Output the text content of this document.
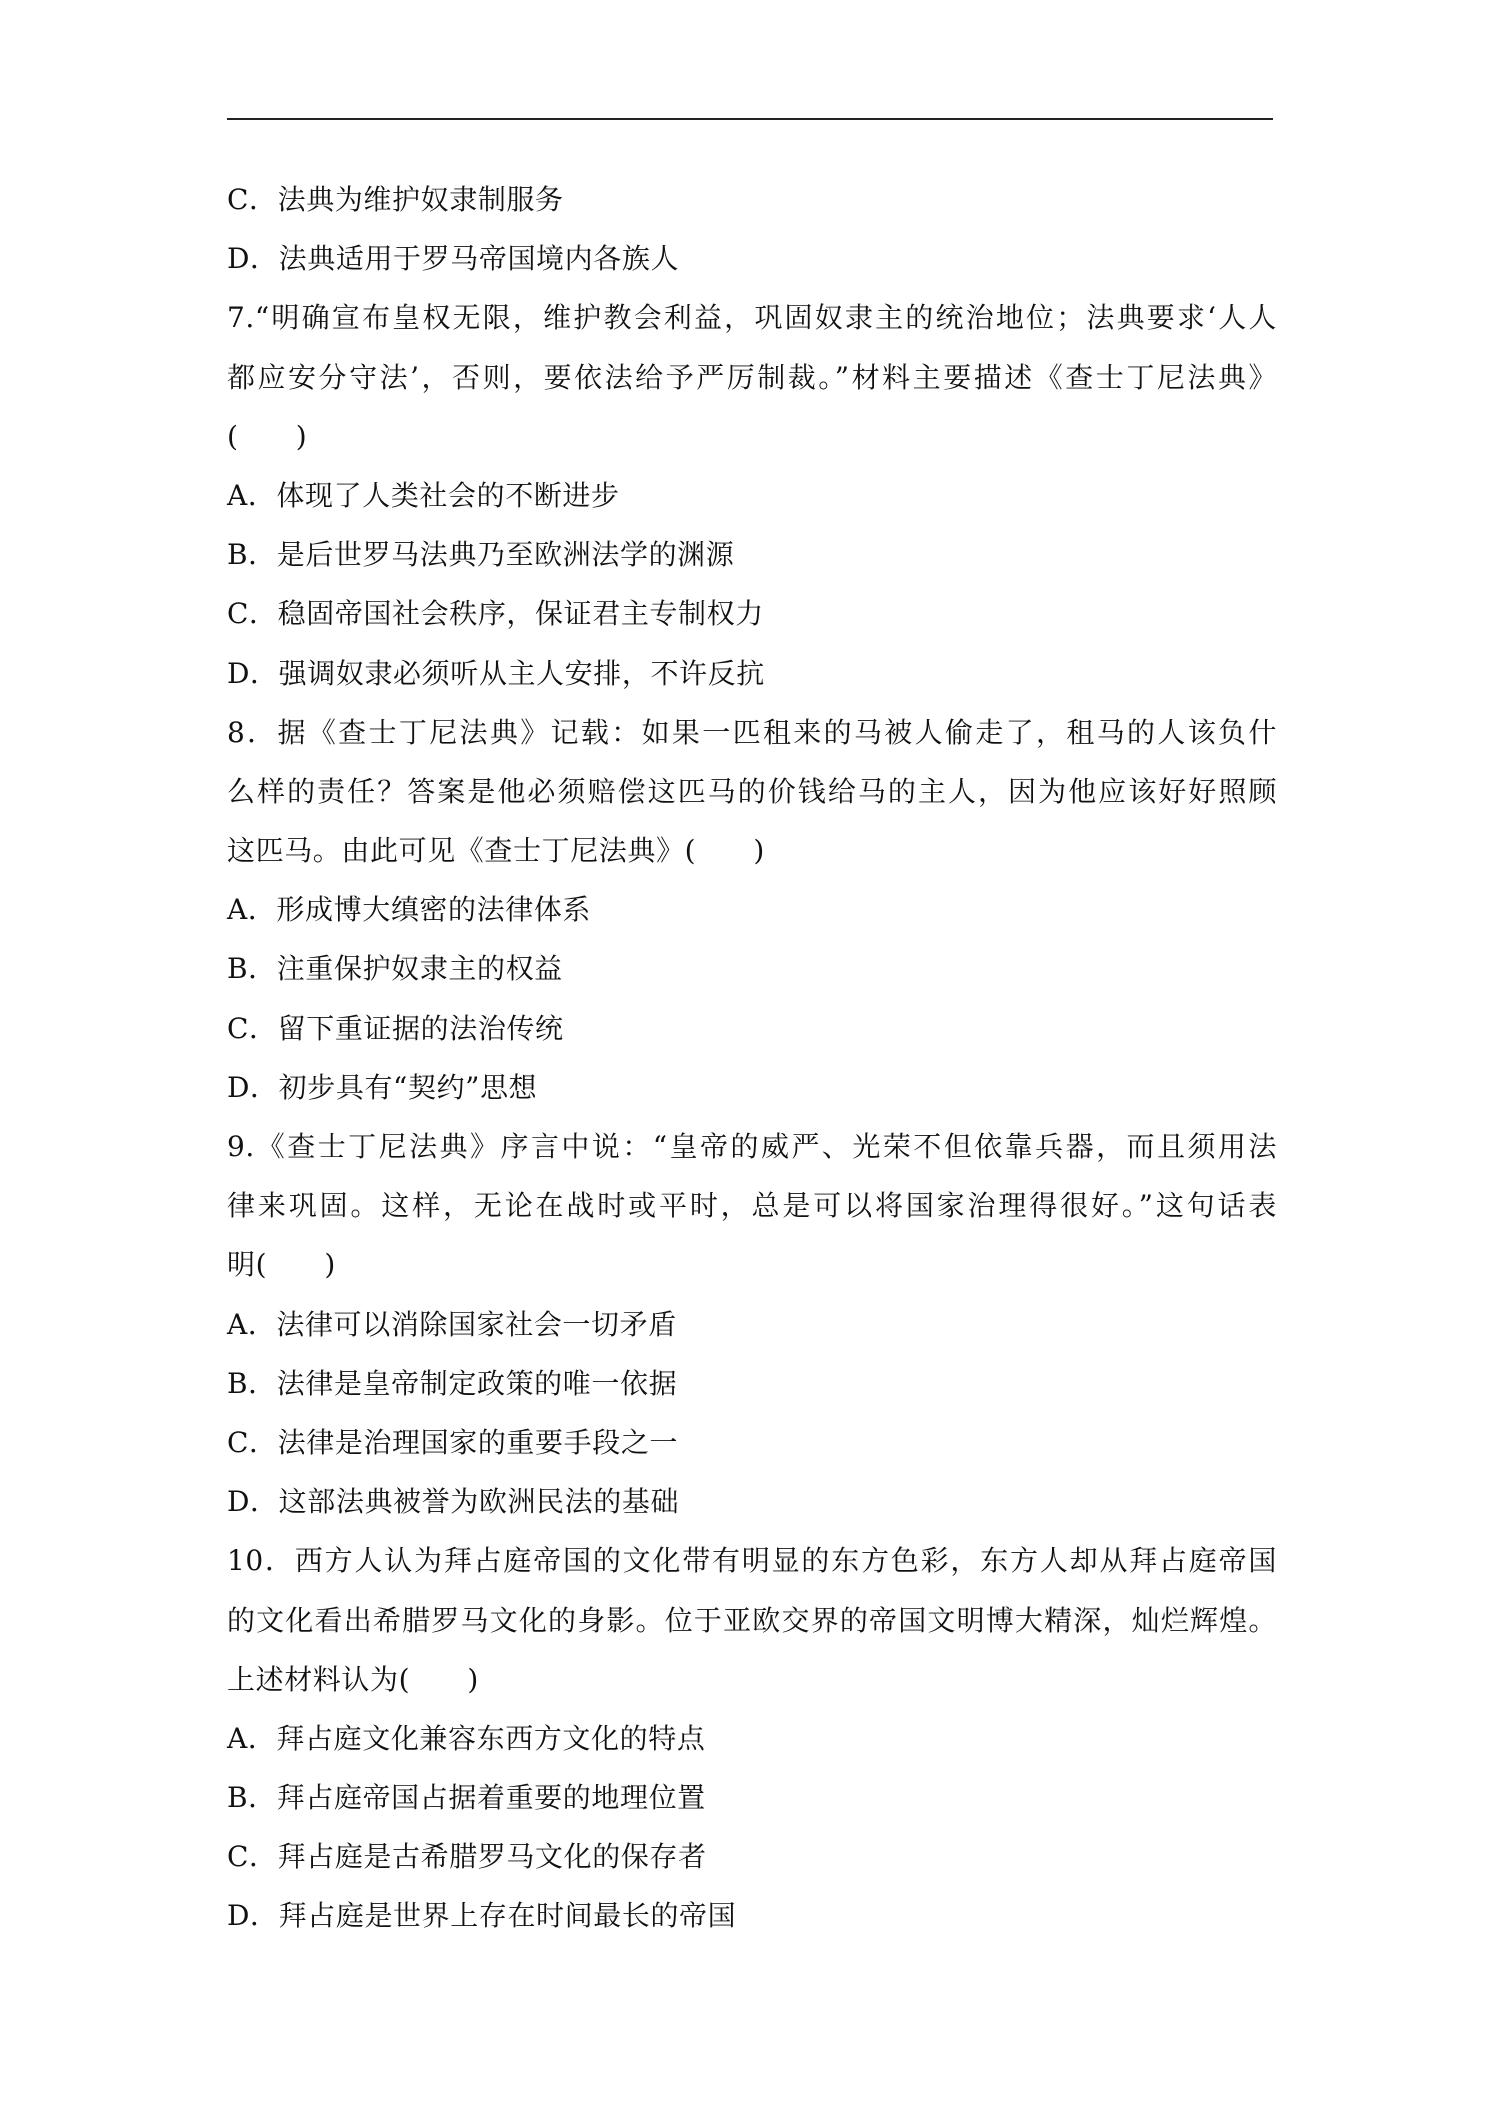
C．法典为维护奴隶制服务
D．法典适用于罗马帝国境内各族人
7.“明确宣布皇权无限，维护教会利益，巩固奴隶主的统治地位；法典要求‘人人
都应安分守法’，否则，要依法给予严厉制裁。”材料主要描述《查士丁尼法典》
(　　)
A．体现了人类社会的不断进步
B．是后世罗马法典乃至欧洲法学的渊源
C．稳固帝国社会秩序，保证君主专制权力
D．强调奴隶必须听从主人安排，不许反抗
8．据《查士丁尼法典》记载：如果一匹租来的马被人偷走了，租马的人该负什
么样的责任？答案是他必须赔偿这匹马的价钱给马的主人，因为他应该好好照顾
这匹马。由此可见《查士丁尼法典》(　　)
A．形成博大缜密的法律体系
B．注重保护奴隶主的权益
C．留下重证据的法治传统
D．初步具有“契约”思想
9.《查士丁尼法典》序言中说：“皇帝的威严、光荣不但依靠兵器，而且须用法
律来巩固。这样，无论在战时或平时，总是可以将国家治理得很好。”这句话表
明(　　)
A．法律可以消除国家社会一切矛盾
B．法律是皇帝制定政策的唯一依据
C．法律是治理国家的重要手段之一
D．这部法典被誉为欧洲民法的基础
10．西方人认为拜占庭帝国的文化带有明显的东方色彩，东方人却从拜占庭帝国
的文化看出希腊罗马文化的身影。位于亚欧交界的帝国文明博大精深，灿烂辉煌。
上述材料认为(　　)
A．拜占庭文化兼容东西方文化的特点
B．拜占庭帝国占据着重要的地理位置
C．拜占庭是古希腊罗马文化的保存者
D．拜占庭是世界上存在时间最长的帝国
